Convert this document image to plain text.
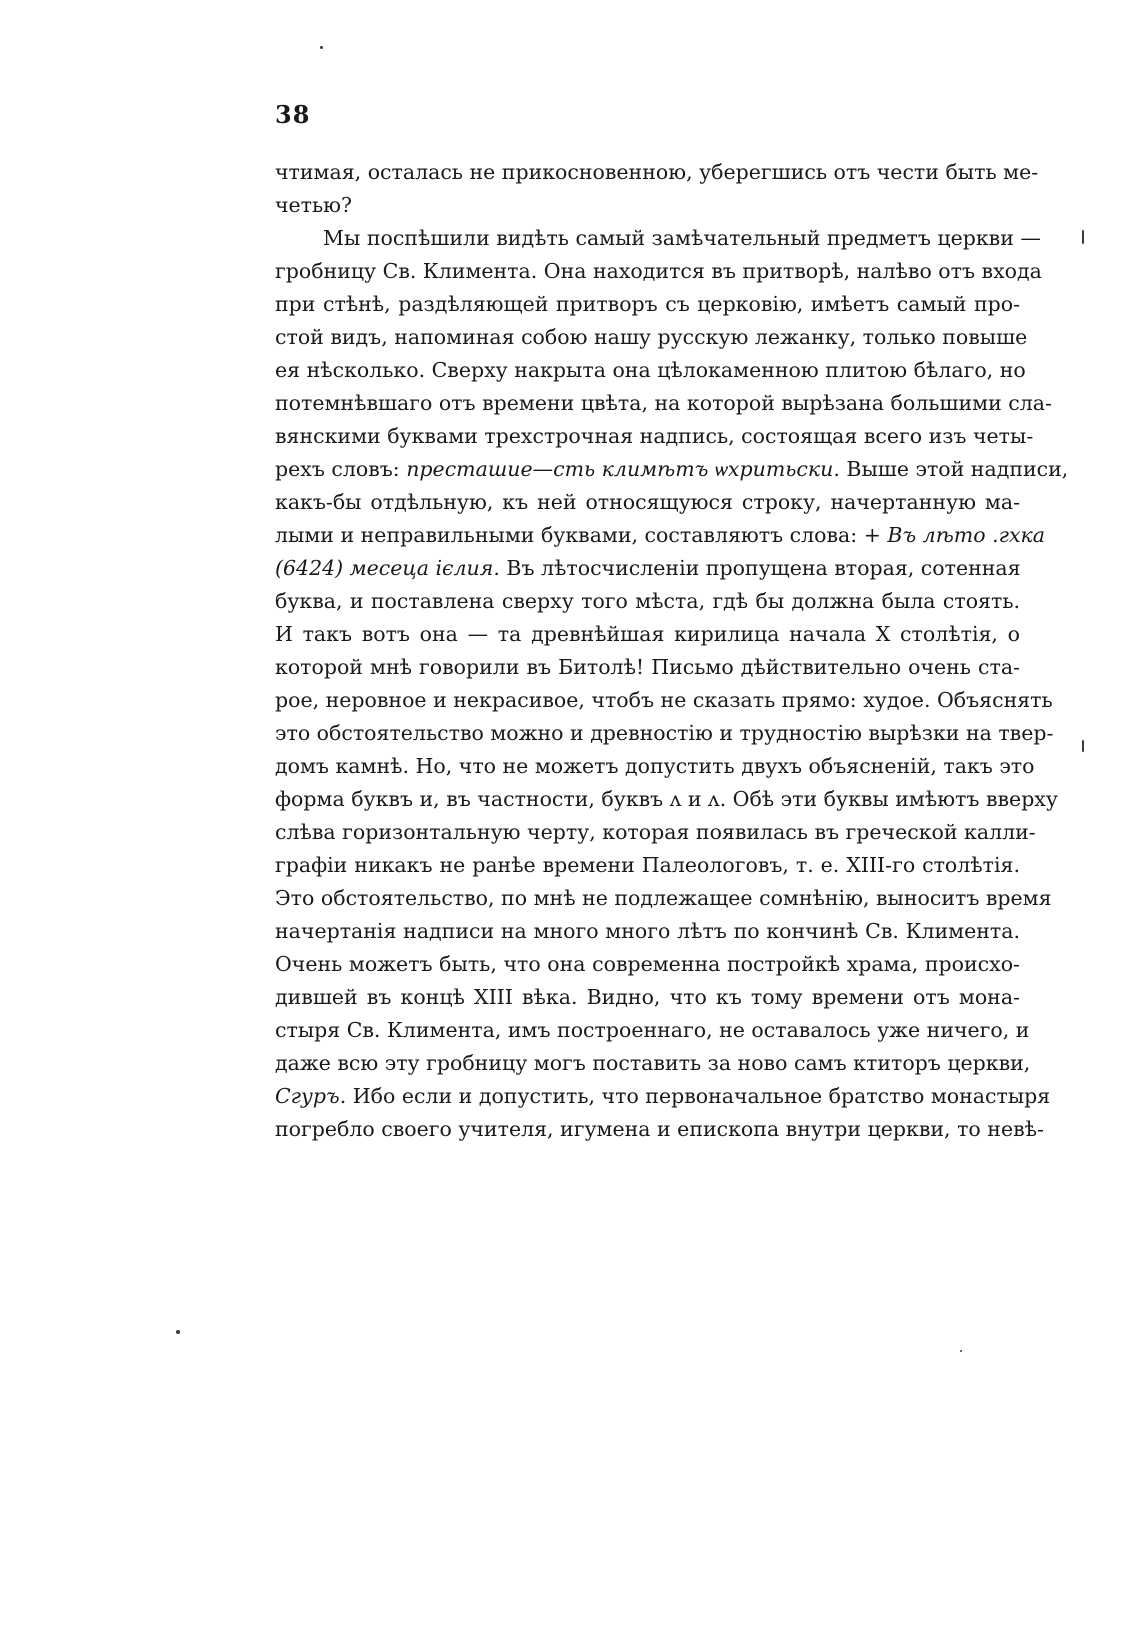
38

чтимая, осталась не прикосновенною, уберегшись отъ чести быть ме-

четью?

Мы поспѣшили видѣть самый замѣчательный предметъ церкви —

гробницу Св. Климента. Она находится въ притворѣ, налѣво отъ входа

при стѣнѣ, раздѣляющей притворъ съ церковію, имѣетъ самый про-

стой видъ, напоминая собою нашу русскую лежанку, только повыше

ея нѣсколько. Сверху накрыта она цѣлокаменною плитою бѣлаго, но

потемнѣвшаго отъ времени цвѣта, на которой вырѣзана большими сла-

вянскими буквами трехстрочная надпись, состоящая всего изъ четы-

рехъ словъ: престaшие—сть климѣтъ ѡхритьски. Выше этой надписи,

какъ-бы отдѣльную, къ ней относящуюся строку, начертанную ма-

лыми и неправильными буквами, составляютъ слова: + Въ лѣто .гхка

(6424) месеца ієлия. Въ лѣтосчисленіи пропущена вторая, сотенная

буква, и поставлена сверху того мѣста, гдѣ бы должна была стоять.

И такъ вотъ она — та древнѣйшая кирилица начала X столѣтія, о

которой мнѣ говорили въ Битолѣ! Письмо дѣйствительно очень ста-

рое, неровное и некрасивое, чтобъ не сказать прямо: худое. Объяснять

это обстоятельство можно и древностію и трудностію вырѣзки на твер-

домъ камнѣ. Но, что не можетъ допустить двухъ объясненій, такъ это

форма буквъ и, въ частности, буквъ ᴧ и ᴧ. Обѣ эти буквы имѣютъ вверху

слѣва горизонтальную черту, которая появилась въ греческой калли-

графіи никакъ не ранѣе времени Палеологовъ, т. е. XIII-го столѣтія.

Это обстоятельство, по мнѣ не подлежащее сомнѣнію, выноситъ время

начертанія надписи на много много лѣтъ по кончинѣ Св. Климента.

Очень можетъ быть, что она современна постройкѣ храма, происхо-

дившей въ концѣ XIII вѣка. Видно, что къ тому времени отъ мона-

стыря Св. Климента, имъ построеннаго, не оставалось уже ничего, и

даже всю эту гробницу могъ поставить за ново самъ ктиторъ церкви,

Сгуръ. Ибо если и допустить, что первоначальное братство монастыря

погребло своего учителя, игумена и епископа внутри церкви, то невѣ-
